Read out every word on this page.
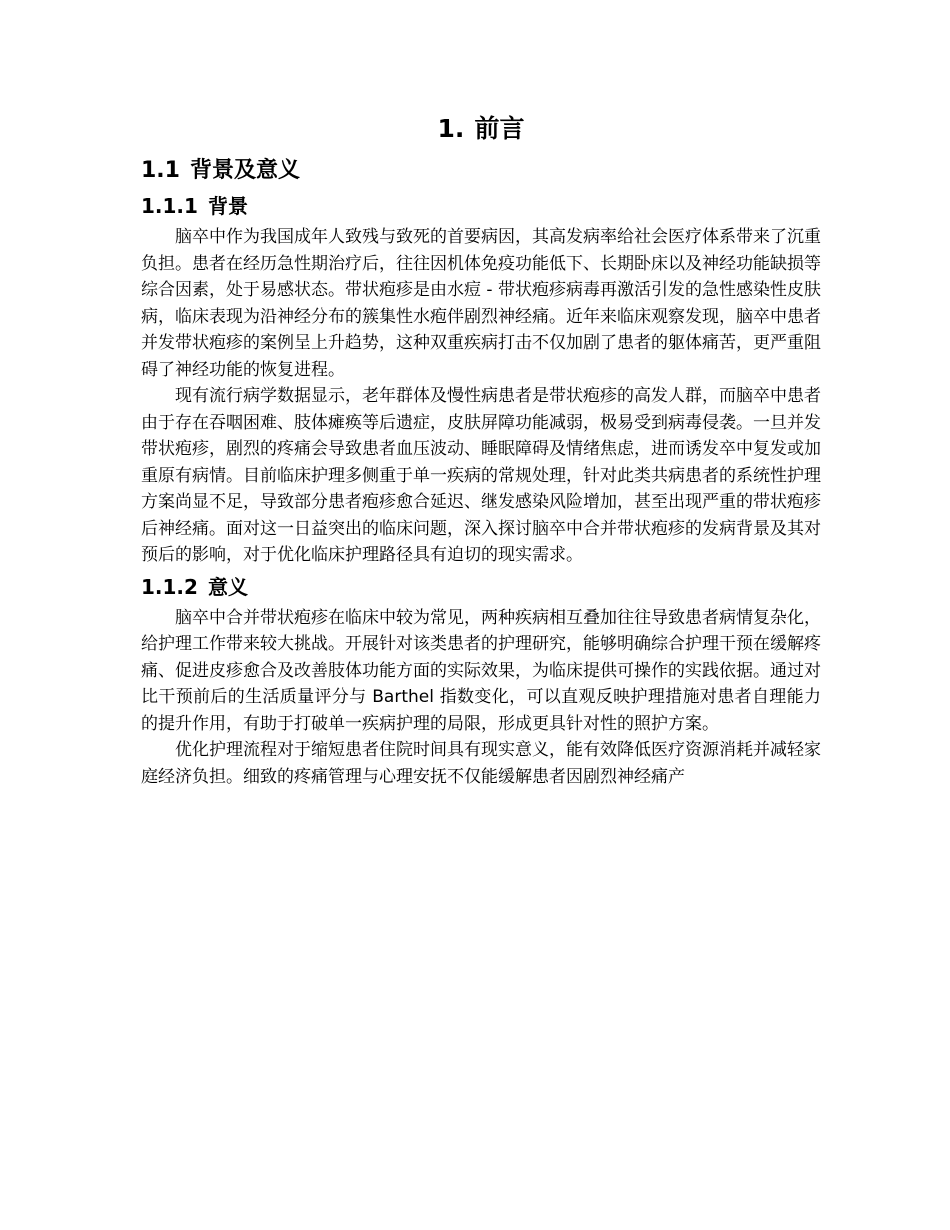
1. 前言
1.1 背景及意义
1.1.1 背景

脑卒中作为我国成年人致残与致死的首要病因，其高发病率给社会医疗体系带来了沉重负担。患者在经历急性期治疗后，往往因机体免疫功能低下、长期卧床以及神经功能缺损等综合因素，处于易感状态。带状疱疹是由水痘 - 带状疱疹病毒再激活引发的急性感染性皮肤病，临床表现为沿神经分布的簇集性水疱伴剧烈神经痛。近年来临床观察发现，脑卒中患者并发带状疱疹的案例呈上升趋势，这种双重疾病打击不仅加剧了患者的躯体痛苦，更严重阻碍了神经功能的恢复进程。

现有流行病学数据显示，老年群体及慢性病患者是带状疱疹的高发人群，而脑卒中患者由于存在吞咽困难、肢体瘫痪等后遗症，皮肤屏障功能减弱，极易受到病毒侵袭。一旦并发带状疱疹，剧烈的疼痛会导致患者血压波动、睡眠障碍及情绪焦虑，进而诱发卒中复发或加重原有病情。目前临床护理多侧重于单一疾病的常规处理，针对此类共病患者的系统性护理方案尚显不足，导致部分患者疱疹愈合延迟、继发感染风险增加，甚至出现严重的带状疱疹后神经痛。面对这一日益突出的临床问题，深入探讨脑卒中合并带状疱疹的发病背景及其对预后的影响，对于优化临床护理路径具有迫切的现实需求。

1.1.2 意义

脑卒中合并带状疱疹在临床中较为常见，两种疾病相互叠加往往导致患者病情复杂化，给护理工作带来较大挑战。开展针对该类患者的护理研究，能够明确综合护理干预在缓解疼痛、促进皮疹愈合及改善肢体功能方面的实际效果，为临床提供可操作的实践依据。通过对比干预前后的生活质量评分与 Barthel 指数变化，可以直观反映护理措施对患者自理能力的提升作用，有助于打破单一疾病护理的局限，形成更具针对性的照护方案。

优化护理流程对于缩短患者住院时间具有现实意义，能有效降低医疗资源消耗并减轻家庭经济负担。细致的疼痛管理与心理安抚不仅能缓解患者因剧烈神经痛产
